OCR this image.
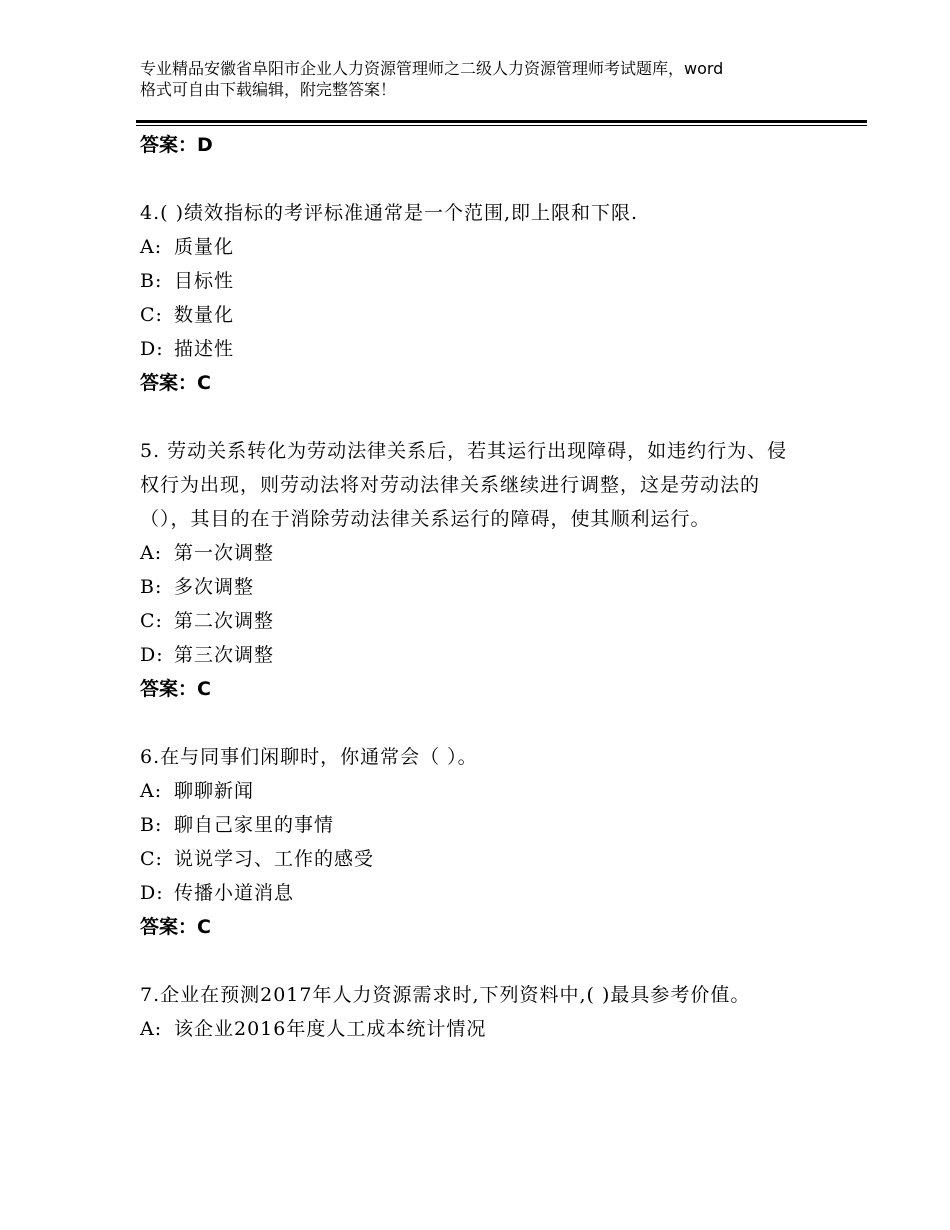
专业精品安徽省阜阳市企业人力资源管理师之二级人力资源管理师考试题库，word
格式可自由下载编辑，附完整答案！
答案：D
4.( )绩效指标的考评标准通常是一个范围,即上限和下限.
A: 质量化
B: 目标性
C: 数量化
D: 描述性
答案：C
5. 劳动关系转化为劳动法律关系后，若其运行出现障碍，如违约行为、侵权行为出现，则劳动法将对劳动法律关系继续进行调整，这是劳动法的（），其目的在于消除劳动法律关系运行的障碍，使其顺利运行。
A: 第一次调整
B: 多次调整
C: 第二次调整
D: 第三次调整
答案：C
6.在与同事们闲聊时，你通常会（ ）。
A: 聊聊新闻
B: 聊自己家里的事情
C: 说说学习、工作的感受
D: 传播小道消息
答案：C
7.企业在预测2017年人力资源需求时,下列资料中,( )最具参考价值。
A: 该企业2016年度人工成本统计情况
